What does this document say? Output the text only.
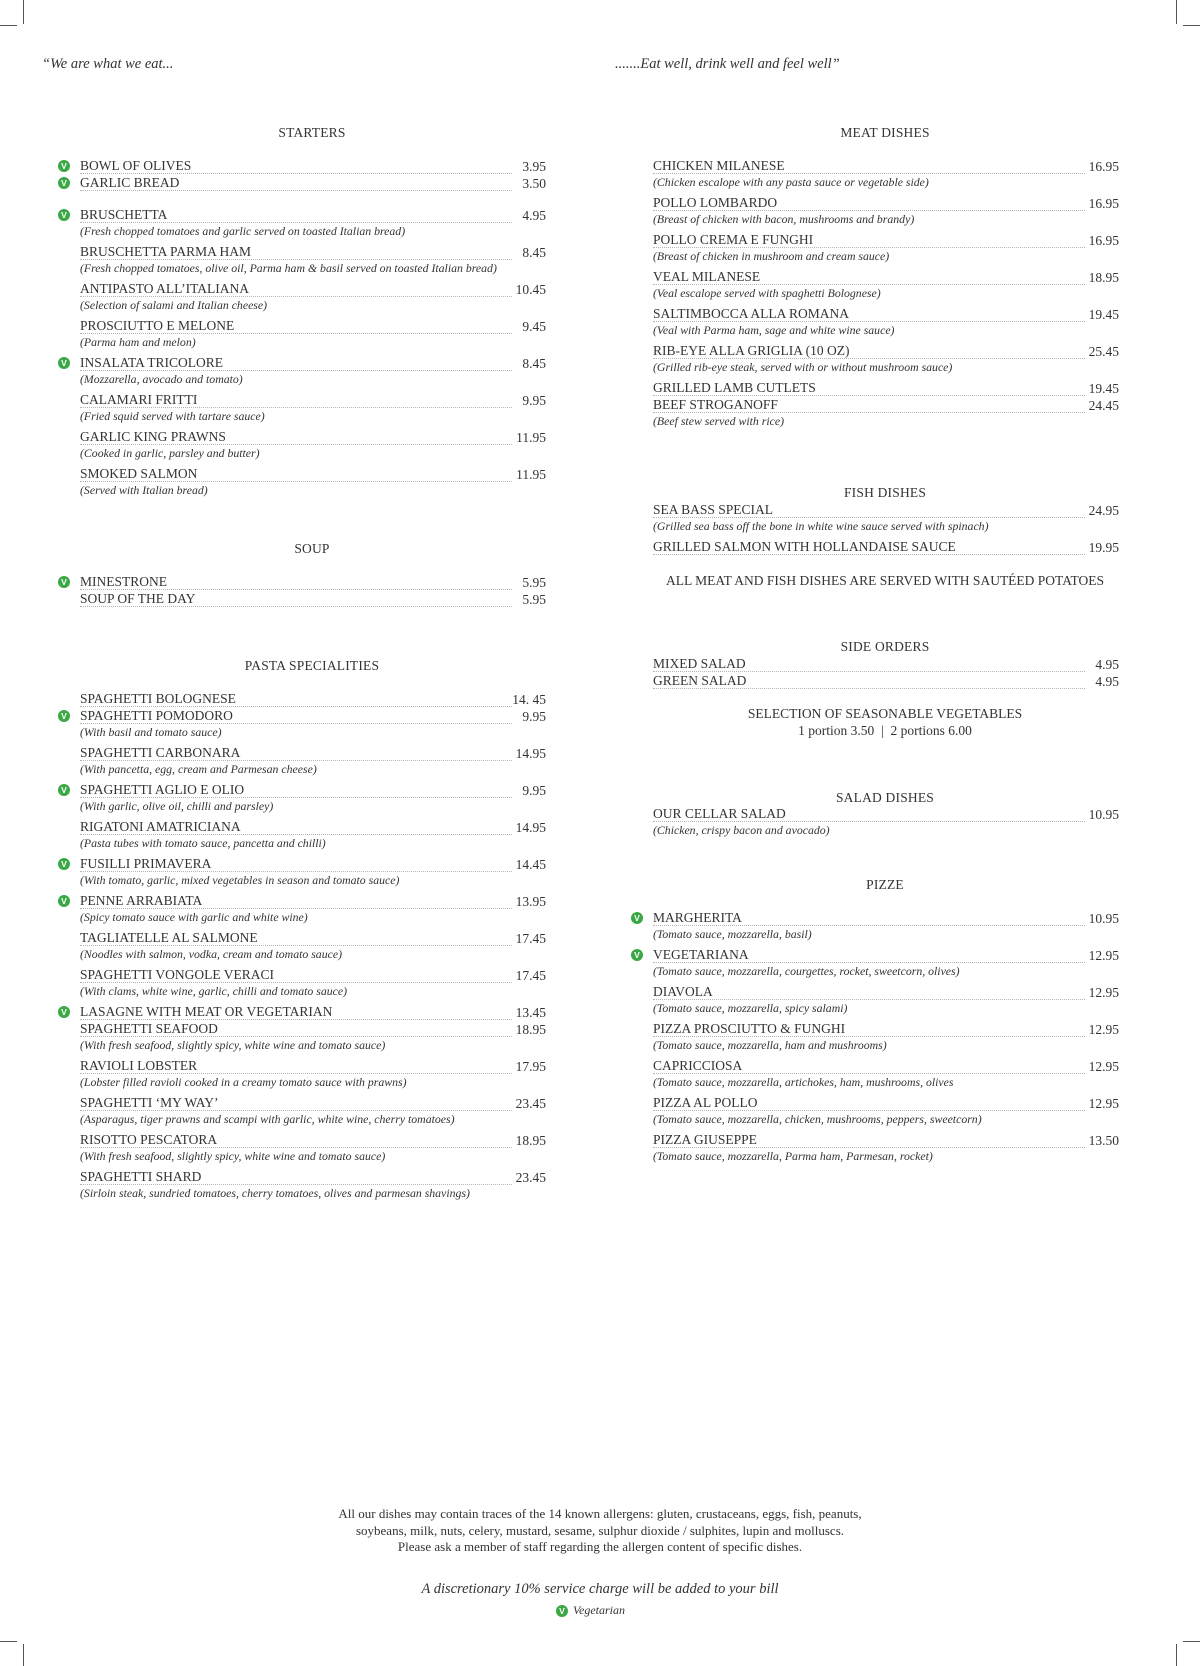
“We are what we eat...	.......Eat well, drink well and feel well”
STARTERS
V BOWL OF OLIVES	3.95
V GARLIC BREAD	3.50
V BRUSCHETTA	4.95
(Fresh chopped tomatoes and garlic served on toasted Italian bread)
BRUSCHETTA PARMA HAM	8.45
(Fresh chopped tomatoes, olive oil, Parma ham & basil served on toasted Italian bread)
ANTIPASTO ALL’ITALIANA	10.45
(Selection of salami and Italian cheese)
PROSCIUTTO E MELONE	9.45
(Parma ham and melon)
V INSALATA TRICOLORE	8.45
(Mozzarella, avocado and tomato)
CALAMARI FRITTI	9.95
(Fried squid served with tartare sauce)
GARLIC KING PRAWNS	11.95
(Cooked in garlic, parsley and butter)
SMOKED SALMON	11.95
(Served with Italian bread)
SOUP
V MINESTRONE	5.95
SOUP OF THE DAY	5.95
PASTA SPECIALITIES
SPAGHETTI BOLOGNESE	14. 45
V SPAGHETTI POMODORO	9.95
(With basil and tomato sauce)
SPAGHETTI CARBONARA	14.95
(With pancetta, egg, cream and Parmesan cheese)
V SPAGHETTI AGLIO E OLIO	9.95
(With garlic, olive oil, chilli and parsley)
RIGATONI AMATRICIANA	14.95
(Pasta tubes with tomato sauce, pancetta and chilli)
V FUSILLI PRIMAVERA	14.45
(With tomato, garlic, mixed vegetables in season and tomato sauce)
V PENNE ARRABIATA	13.95
(Spicy tomato sauce with garlic and white wine)
TAGLIATELLE AL SALMONE	17.45
(Noodles with salmon, vodka, cream and tomato sauce)
SPAGHETTI VONGOLE VERACI	17.45
(With clams, white wine, garlic, chilli and tomato sauce)
V LASAGNE WITH MEAT OR VEGETARIAN	13.45
SPAGHETTI SEAFOOD	18.95
(With fresh seafood, slightly spicy, white wine and tomato sauce)
RAVIOLI LOBSTER	17.95
(Lobster filled ravioli cooked in a creamy tomato sauce with prawns)
SPAGHETTI ‘MY WAY’	23.45
(Asparagus, tiger prawns and scampi with garlic, white wine, cherry tomatoes)
RISOTTO PESCATORA	18.95
(With fresh seafood, slightly spicy, white wine and tomato sauce)
SPAGHETTI SHARD	23.45
(Sirloin steak, sundried tomatoes, cherry tomatoes, olives and parmesan shavings)
MEAT DISHES
CHICKEN MILANESE	16.95
(Chicken escalope with any pasta sauce or vegetable side)
POLLO LOMBARDO	16.95
(Breast of chicken with bacon, mushrooms and brandy)
POLLO CREMA E FUNGHI	16.95
(Breast of chicken in mushroom and cream sauce)
VEAL MILANESE	18.95
(Veal escalope served with spaghetti Bolognese)
SALTIMBOCCA ALLA ROMANA	19.45
(Veal with Parma ham, sage and white wine sauce)
RIB-EYE ALLA GRIGLIA (10 OZ)	25.45
(Grilled rib-eye steak, served with or without mushroom sauce)
GRILLED LAMB CUTLETS	19.45
BEEF STROGANOFF	24.45
(Beef stew served with rice)
FISH DISHES
SEA BASS SPECIAL	24.95
(Grilled sea bass off the bone in white wine sauce served with spinach)
GRILLED SALMON WITH HOLLANDAISE SAUCE	19.95
ALL MEAT AND FISH DISHES ARE SERVED WITH SAUTÉED POTATOES
SIDE ORDERS
MIXED SALAD	4.95
GREEN SALAD	4.95
SELECTION OF SEASONABLE VEGETABLES
1 portion 3.50  |  2 portions 6.00
SALAD DISHES
OUR CELLAR SALAD	10.95
(Chicken, crispy bacon and avocado)
PIZZE
V MARGHERITA	10.95
(Tomato sauce, mozzarella, basil)
V VEGETARIANA	12.95
(Tomato sauce, mozzarella, courgettes, rocket, sweetcorn, olives)
DIAVOLA	12.95
(Tomato sauce, mozzarella, spicy salami)
PIZZA PROSCIUTTO & FUNGHI	12.95
(Tomato sauce, mozzarella, ham and mushrooms)
CAPRICCIOSA	12.95
(Tomato sauce, mozzarella, artichokes, ham, mushrooms, olives
PIZZA AL POLLO	12.95
(Tomato sauce, mozzarella, chicken, mushrooms, peppers, sweetcorn)
PIZZA GIUSEPPE	13.50
(Tomato sauce, mozzarella, Parma ham, Parmesan, rocket)
All our dishes may contain traces of the 14 known allergens: gluten, crustaceans, eggs, fish, peanuts,
soybeans, milk, nuts, celery, mustard, sesame, sulphur dioxide / sulphites, lupin and molluscs.
Please ask a member of staff regarding the allergen content of specific dishes.
A discretionary 10% service charge will be added to your bill
V Vegetarian
